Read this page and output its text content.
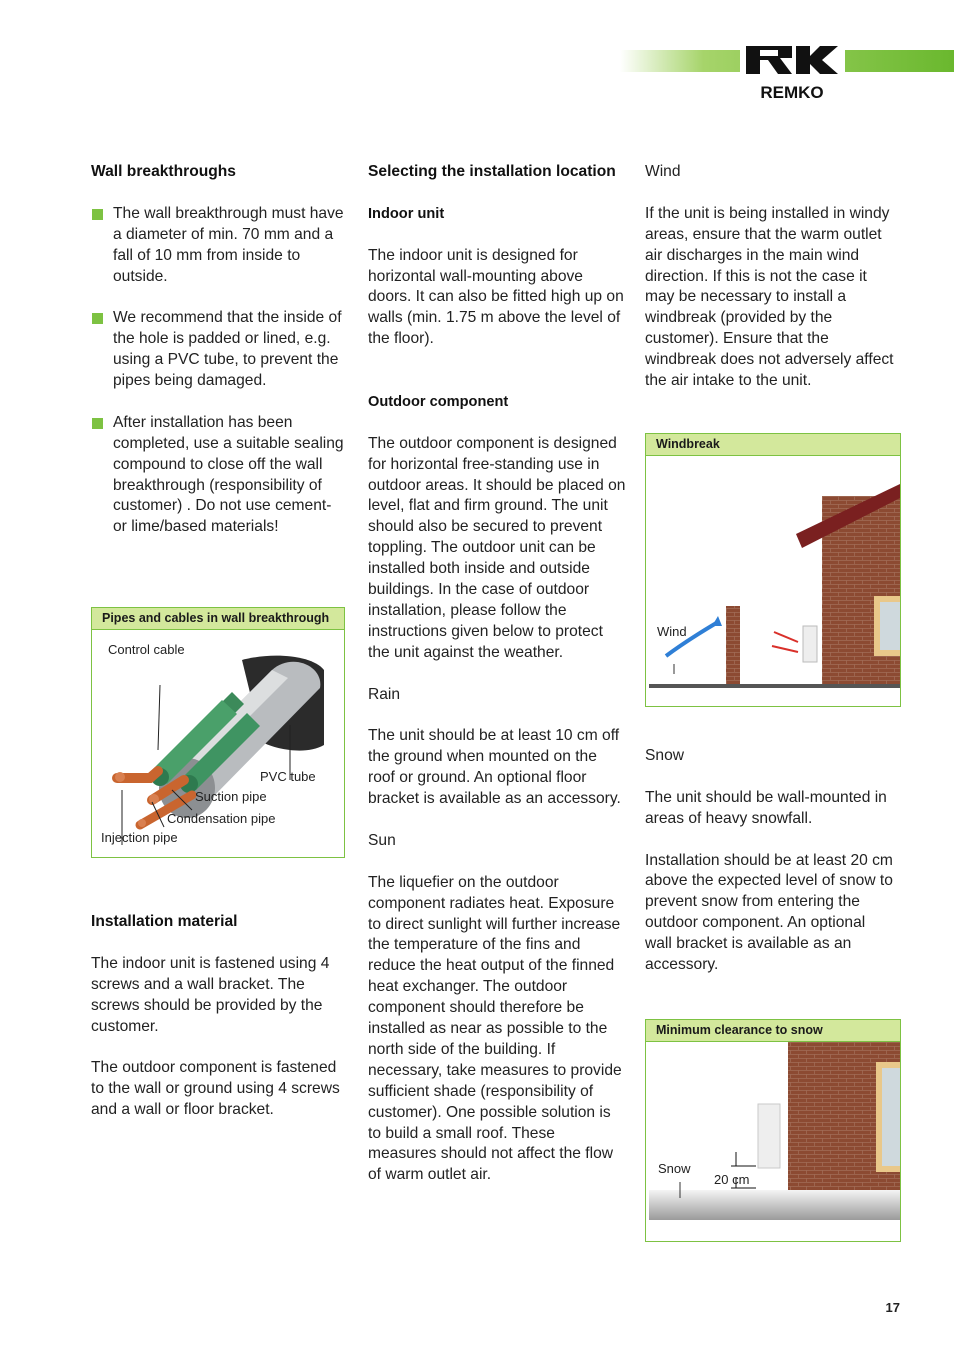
REMKO
Wall breakthroughs
The wall breakthrough must have a diameter of min. 70 mm and a fall of 10 mm from inside to outside.
We recommend that the inside of the hole is padded or lined, e.g. using a PVC tube, to prevent the pipes being damaged.
After installation has been completed, use a suitable sealing compound to close off the wall breakthrough (responsibility of customer) . Do not use cement- or lime/based materials!
Pipes and cables in wall breakthrough
Control cable
PVC tube
Suction pipe
Condensation pipe
Injection pipe
Installation material

The indoor unit is fastened using 4 screws and a wall bracket. The screws should be provided by the customer.

The outdoor component is fastened to the wall or ground using 4 screws and a wall or floor bracket.

Selecting the installation location
Indoor unit

The indoor unit is designed for horizontal wall-mounting above doors. It can also be fitted high up on walls (min. 1.75 m above the level of the floor).

Outdoor component

The outdoor component is designed for horizontal free-standing use in outdoor areas. It should be placed on level, flat and firm ground. The unit should also be secured to prevent toppling. The outdoor unit can be installed both inside and outside buildings. In the case of outdoor installation, please follow the instructions given below to protect the unit against the weather.

Rain

The unit should be at least 10 cm off the ground when mounted on the roof or ground. An optional floor bracket is available as an accessory.

Sun

The liquefier on the outdoor component radiates heat. Exposure to direct sunlight will further increase the temperature of the fins and reduce the heat output of the finned heat exchanger. The outdoor component should therefore be installed as near as possible to the north side of the building. If necessary, take measures to provide sufficient shade (responsibility of customer). One possible solution is to build a small roof. These measures should not affect the flow of warm outlet air.

Wind

If the unit is being installed in windy areas, ensure that the warm outlet air discharges in the main wind direction. If this is not the case it may be necessary to install a windbreak (provided by the customer). Ensure that the windbreak does not adversely affect the air intake to the unit.

Windbreak
Wind

Snow

The unit should be wall-mounted in areas of heavy snowfall.

Installation should be at least 20 cm above the expected level of snow to prevent snow from entering the outdoor component. An optional wall bracket is available as an accessory.

Minimum clearance to snow
Snow
20 cm
17
